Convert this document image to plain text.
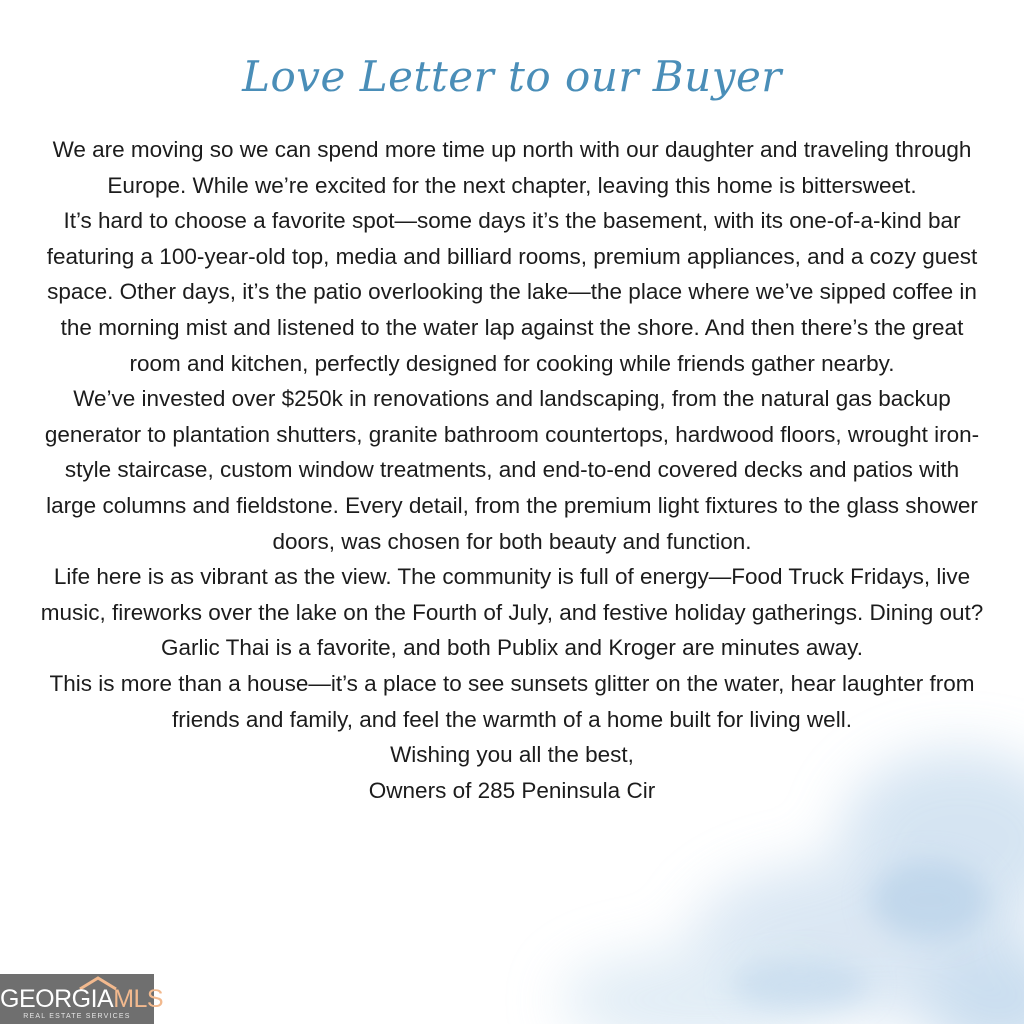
Love Letter to our Buyer

We are moving so we can spend more time up north with our daughter and traveling through Europe. While we’re excited for the next chapter, leaving this home is bittersweet.

It’s hard to choose a favorite spot—some days it’s the basement, with its one-of-a-kind bar featuring a 100-year-old top, media and billiard rooms, premium appliances, and a cozy guest space. Other days, it’s the patio overlooking the lake—the place where we’ve sipped coffee in the morning mist and listened to the water lap against the shore. And then there’s the great room and kitchen, perfectly designed for cooking while friends gather nearby.

We’ve invested over $250k in renovations and landscaping, from the natural gas backup generator to plantation shutters, granite bathroom countertops, hardwood floors, wrought iron-style staircase, custom window treatments, and end-to-end covered decks and patios with large columns and fieldstone. Every detail, from the premium light fixtures to the glass shower doors, was chosen for both beauty and function.

Life here is as vibrant as the view. The community is full of energy—Food Truck Fridays, live music, fireworks over the lake on the Fourth of July, and festive holiday gatherings. Dining out? Garlic Thai is a favorite, and both Publix and Kroger are minutes away.

This is more than a house—it’s a place to see sunsets glitter on the water, hear laughter from friends and family, and feel the warmth of a home built for living well.

Wishing you all the best,

Owners of 285 Peninsula Cir

GEORGIAMLS
REAL ESTATE SERVICES
